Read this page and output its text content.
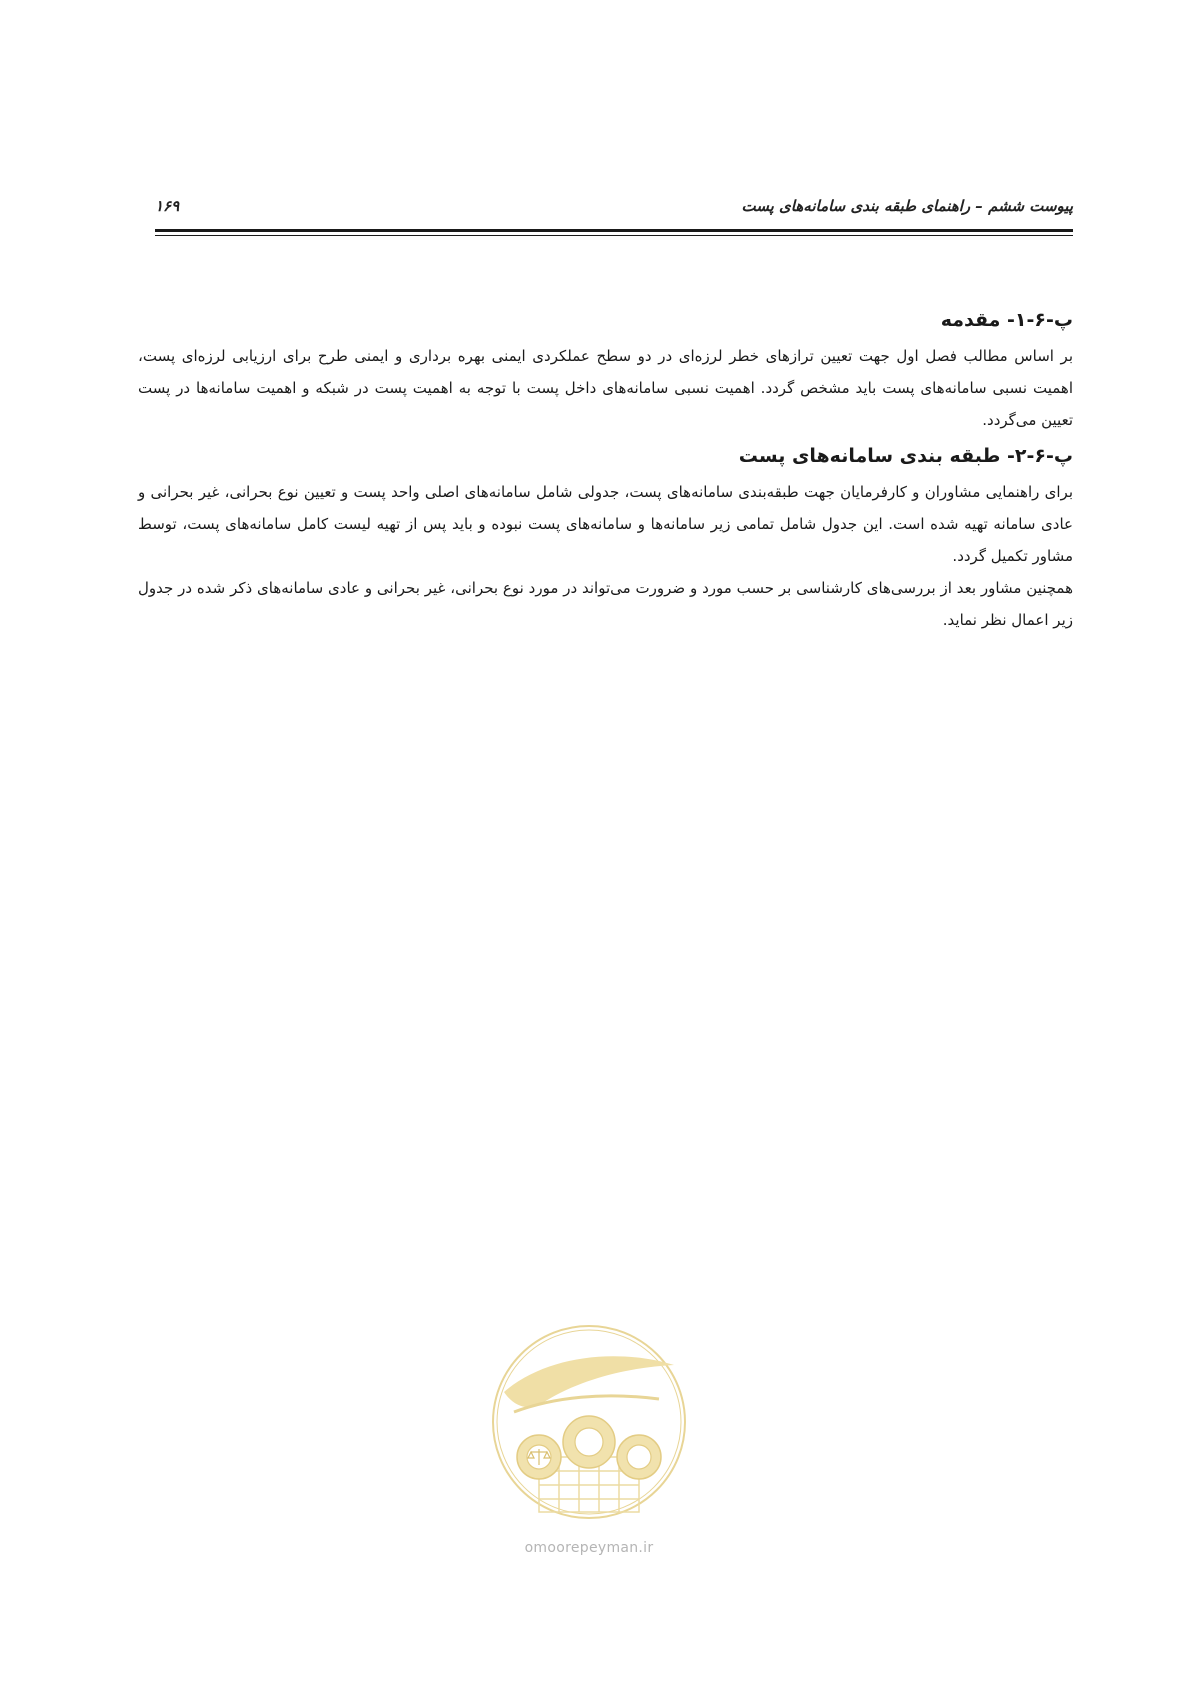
پیوست ششم – راهنمای طبقه بندی سامانه‌های پست
۱۶۹
پ-۶-۱- مقدمه

بر اساس مطالب فصل اول جهت تعیین ترازهای خطر لرزه‌ای در دو سطح عملکردی ایمنی بهره برداری و ایمنی طرح برای ارزیابی لرزه‌ای پست، اهمیت نسبی سامانه‌های پست باید مشخص گردد. اهمیت نسبی سامانه‌های داخل پست با توجه به اهمیت پست در شبکه و اهمیت سامانه‌ها در پست تعیین می‌گردد.

پ-۶-۲- طبقه بندی سامانه‌های پست

برای راهنمایی مشاوران و کارفرمایان جهت طبقه‌بندی سامانه‌های پست، جدولی شامل سامانه‌های اصلی واحد پست و تعیین نوع بحرانی، غیر بحرانی و عادی سامانه تهیه شده است. این جدول شامل تمامی زیر سامانه‌ها و سامانه‌های پست نبوده و باید پس از تهیه لیست کامل سامانه‌های پست، توسط مشاور تکمیل گردد.

همچنین مشاور بعد از بررسی‌های کارشناسی بر حسب مورد و ضرورت می‌تواند در مورد نوع بحرانی، غیر بحرانی و عادی سامانه‌های ذکر شده در جدول زیر اعمال نظر نماید.

omoorepeyman.ir
